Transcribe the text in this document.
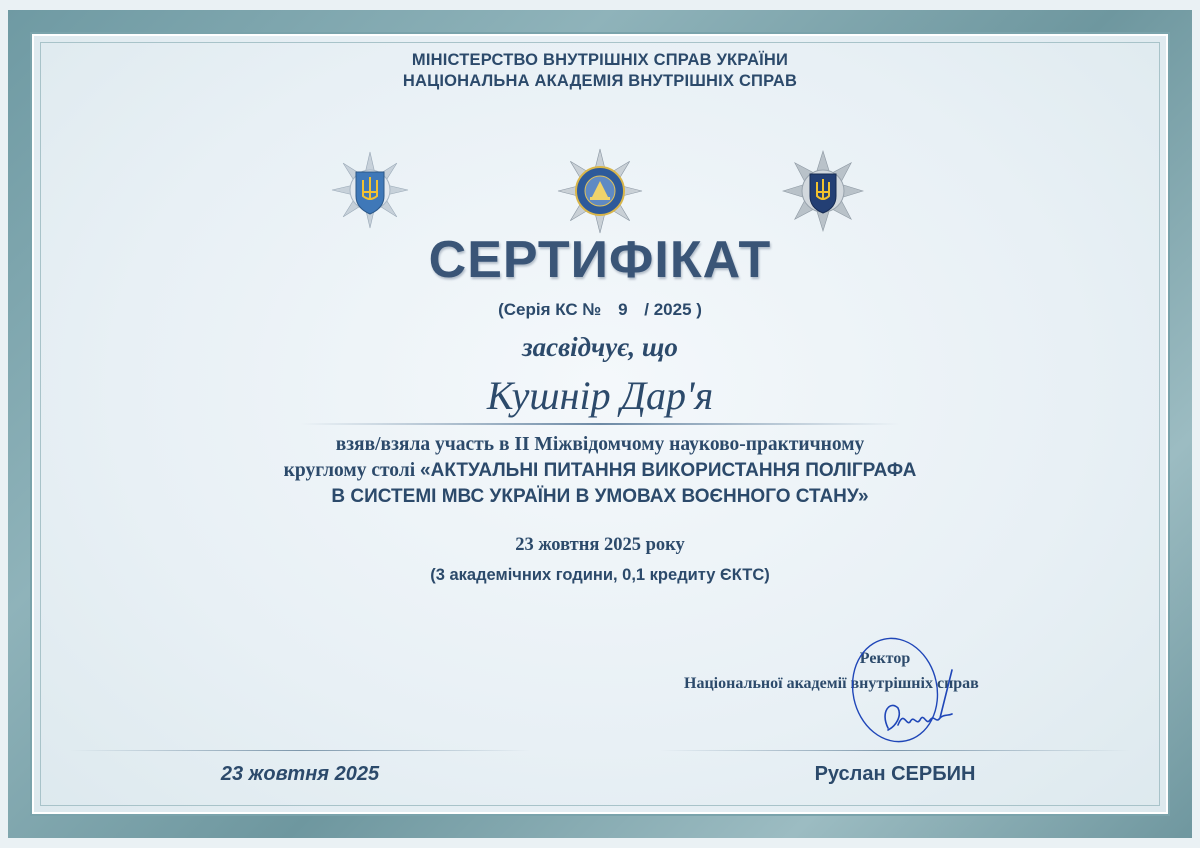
МІНІСТЕРСТВО ВНУТРІШНІХ СПРАВ УКРАЇНИ
НАЦІОНАЛЬНА АКАДЕМІЯ ВНУТРІШНІХ СПРАВ
СЕРТИФІКАТ
(Серія КС № 9 / 2025 )
засвідчує, що
Кушнір Дар'я
взяв/взяла участь в ІІ Міжвідомчому науково-практичному
круглому столі «АКТУАЛЬНІ ПИТАННЯ ВИКОРИСТАННЯ ПОЛІГРАФА
В СИСТЕМІ МВС УКРАЇНИ В УМОВАХ ВОЄННОГО СТАНУ»
23 жовтня 2025 року
(3 академічних години, 0,1 кредиту ЄКТС)
Ректор
Національної академії внутрішніх справ
23 жовтня 2025	Руслан СЕРБИН
